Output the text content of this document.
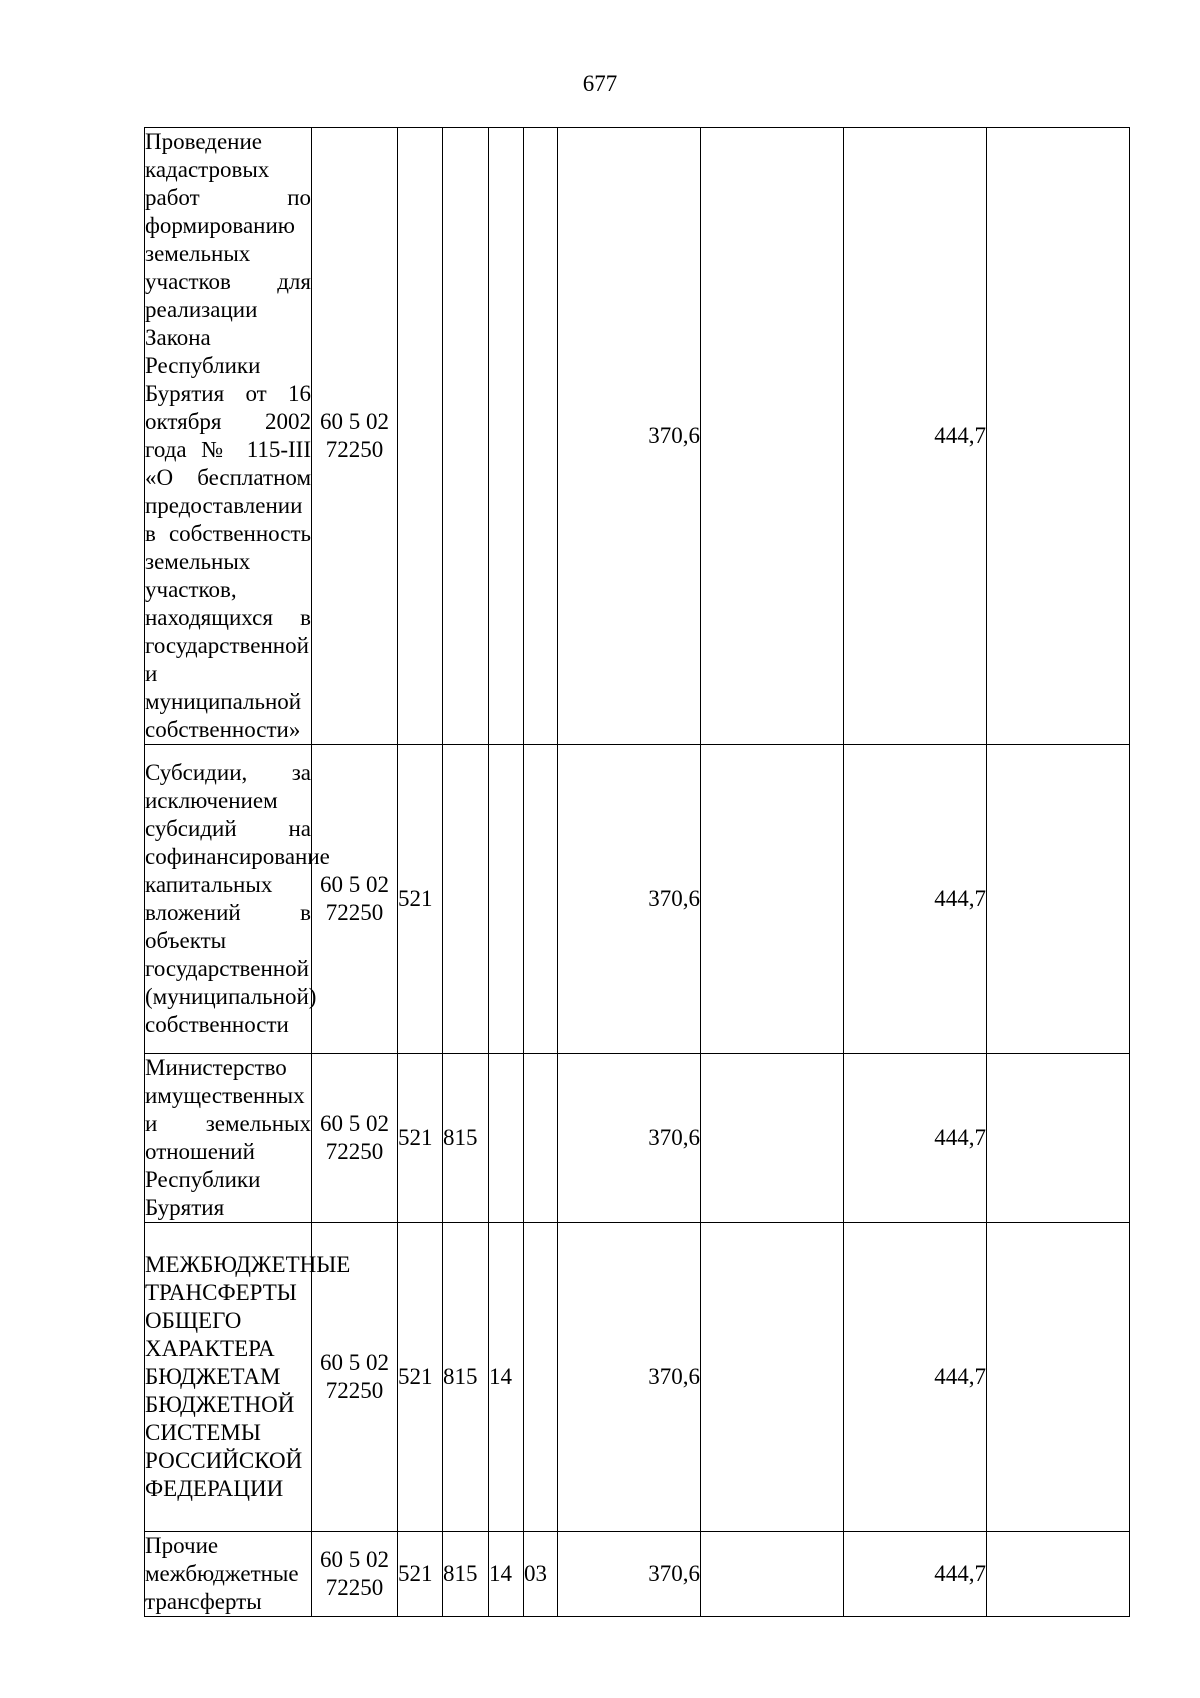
677
Проведение кадастровых работ по формированию земельных участков для реализации Закона Республики Бурятия от 16 октября 2002 года № 115-III «О бесплатном предоставлении в собственность земельных участков, находящихся в государственной и муниципальной собственности»	60 5 02 72250					370,6		444,7	

Субсидии, за исключением субсидий на софинансирование капитальных вложений в объекты государственной (муниципальной) собственности	60 5 02 72250	521				370,6		444,7	

Министерство имущественных и земельных отношений Республики Бурятия	60 5 02 72250	521	815			370,6		444,7	

МЕЖБЮДЖЕТНЫЕ ТРАНСФЕРТЫ ОБЩЕГО ХАРАКТЕРА БЮДЖЕТАМ БЮДЖЕТНОЙ СИСТЕМЫ РОССИЙСКОЙ ФЕДЕРАЦИИ	60 5 02 72250	521	815	14		370,6		444,7	

Прочие межбюджетные трансферты	60 5 02 72250	521	815	14	03	370,6		444,7	
